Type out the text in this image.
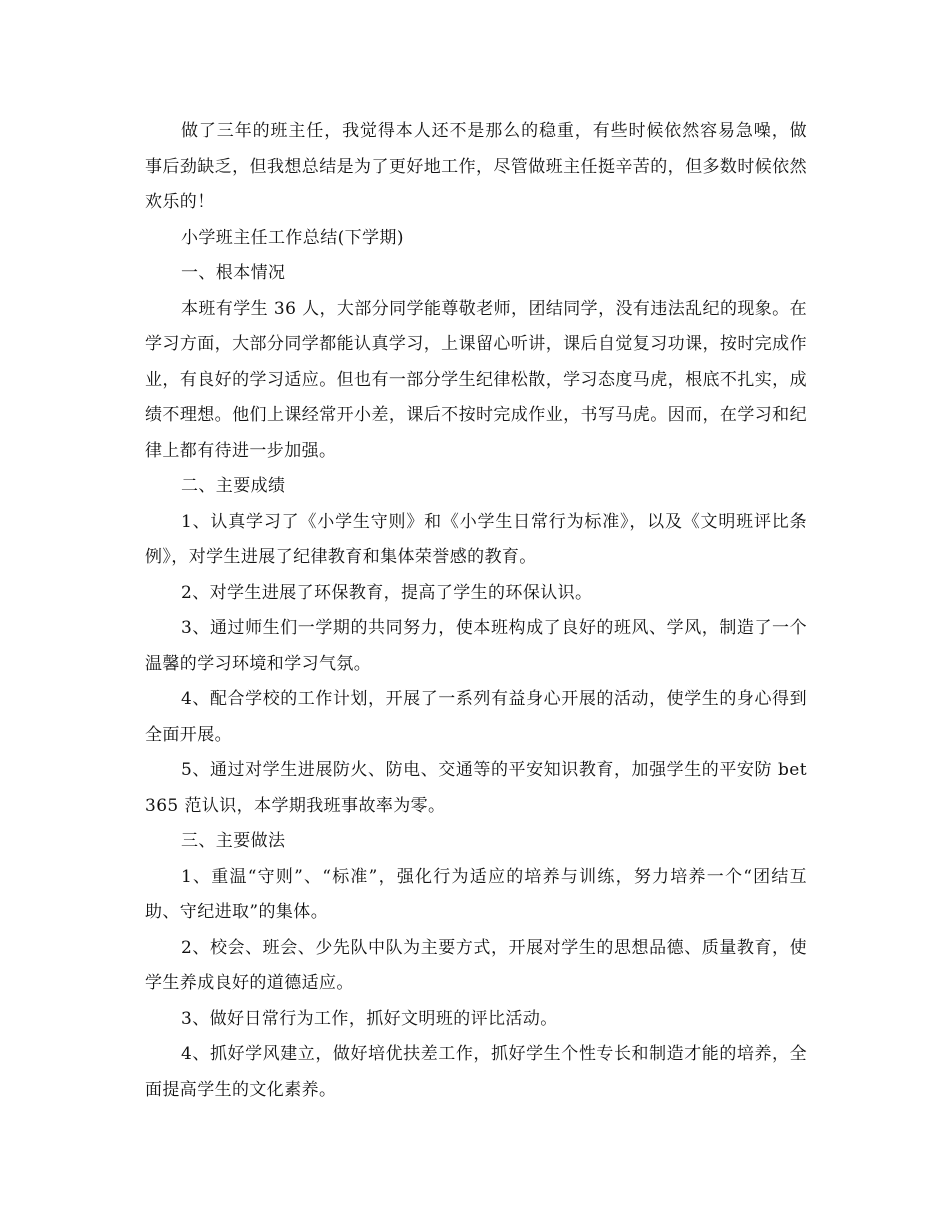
做了三年的班主任，我觉得本人还不是那么的稳重，有些时候依然容易急噪，做事后劲缺乏，但我想总结是为了更好地工作，尽管做班主任挺辛苦的，但多数时候依然欢乐的！

小学班主任工作总结(下学期)

一、根本情况

本班有学生 36 人，大部分同学能尊敬老师，团结同学，没有违法乱纪的现象。在学习方面，大部分同学都能认真学习，上课留心听讲，课后自觉复习功课，按时完成作业，有良好的学习适应。但也有一部分学生纪律松散，学习态度马虎，根底不扎实，成绩不理想。他们上课经常开小差，课后不按时完成作业，书写马虎。因而，在学习和纪律上都有待进一步加强。

二、主要成绩

1、认真学习了《小学生守则》和《小学生日常行为标准》，以及《文明班评比条例》，对学生进展了纪律教育和集体荣誉感的教育。

2、对学生进展了环保教育，提高了学生的环保认识。

3、通过师生们一学期的共同努力，使本班构成了良好的班风、学风，制造了一个温馨的学习环境和学习气氛。

4、配合学校的工作计划，开展了一系列有益身心开展的活动，使学生的身心得到全面开展。

5、通过对学生进展防火、防电、交通等的平安知识教育，加强学生的平安防 bet365 范认识，本学期我班事故率为零。

三、主要做法

1、重温“守则”、“标准”，强化行为适应的培养与训练，努力培养一个“团结互助、守纪进取”的集体。

2、校会、班会、少先队中队为主要方式，开展对学生的思想品德、质量教育，使学生养成良好的道德适应。

3、做好日常行为工作，抓好文明班的评比活动。

4、抓好学风建立，做好培优扶差工作，抓好学生个性专长和制造才能的培养，全面提高学生的文化素养。
